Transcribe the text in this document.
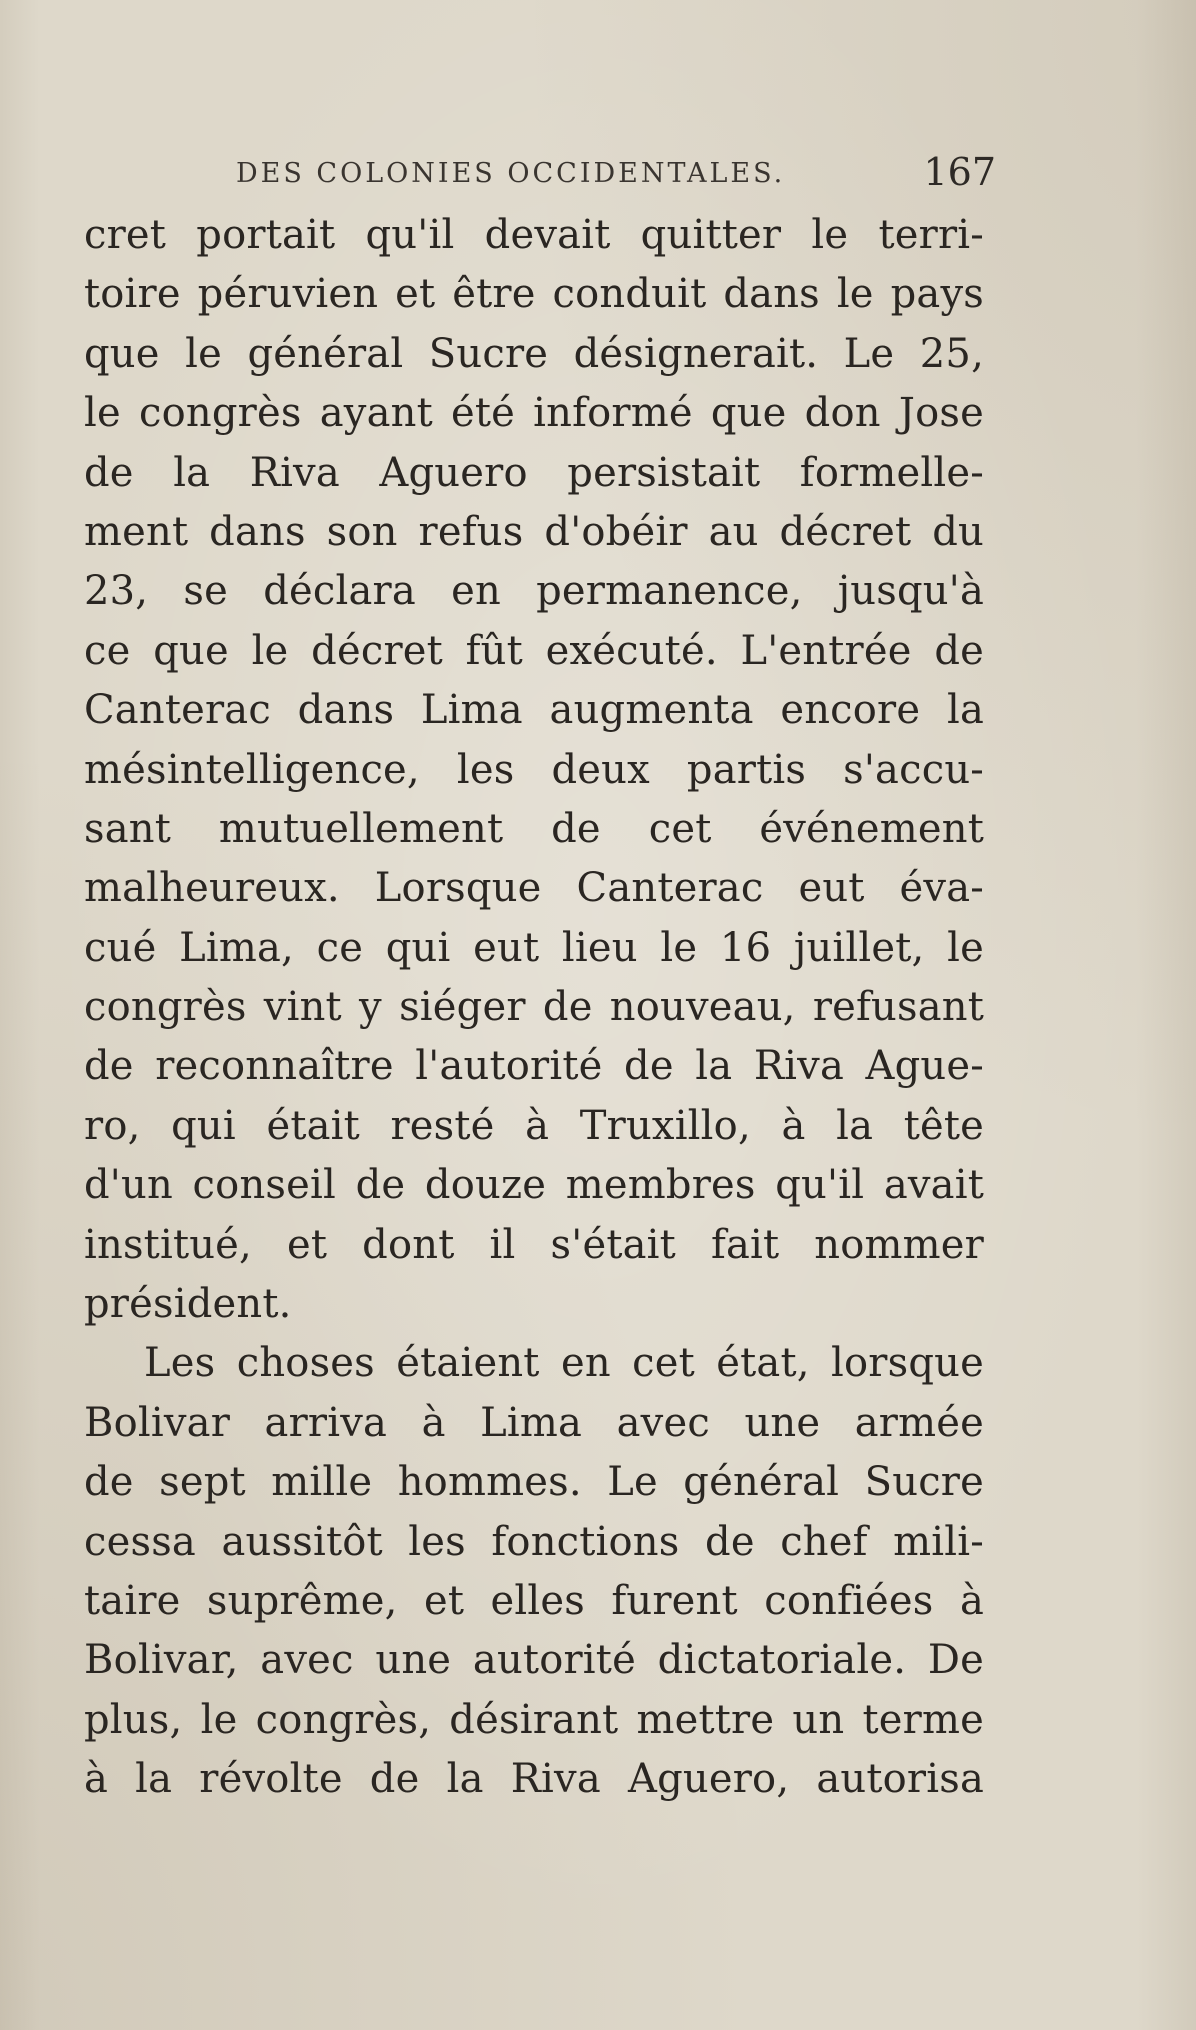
DES COLONIES OCCIDENTALES.	167
cret portait qu'il devait quitter le terri-
toire péruvien et être conduit dans le pays
que le général Sucre désignerait. Le 25,
le congrès ayant été informé que don Jose
de la Riva Aguero persistait formelle-
ment dans son refus d'obéir au décret du
23, se déclara en permanence, jusqu'à
ce que le décret fût exécuté. L'entrée de
Canterac dans Lima augmenta encore la
mésintelligence, les deux partis s'accu-
sant mutuellement de cet événement
malheureux. Lorsque Canterac eut éva-
cué Lima, ce qui eut lieu le 16 juillet, le
congrès vint y siéger de nouveau, refusant
de reconnaître l'autorité de la Riva Ague-
ro, qui était resté à Truxillo, à la tête
d'un conseil de douze membres qu'il avait
institué, et dont il s'était fait nommer
président.
Les choses étaient en cet état, lorsque
Bolivar arriva à Lima avec une armée
de sept mille hommes. Le général Sucre
cessa aussitôt les fonctions de chef mili-
taire suprême, et elles furent confiées à
Bolivar, avec une autorité dictatoriale. De
plus, le congrès, désirant mettre un terme
à la révolte de la Riva Aguero, autorisa
